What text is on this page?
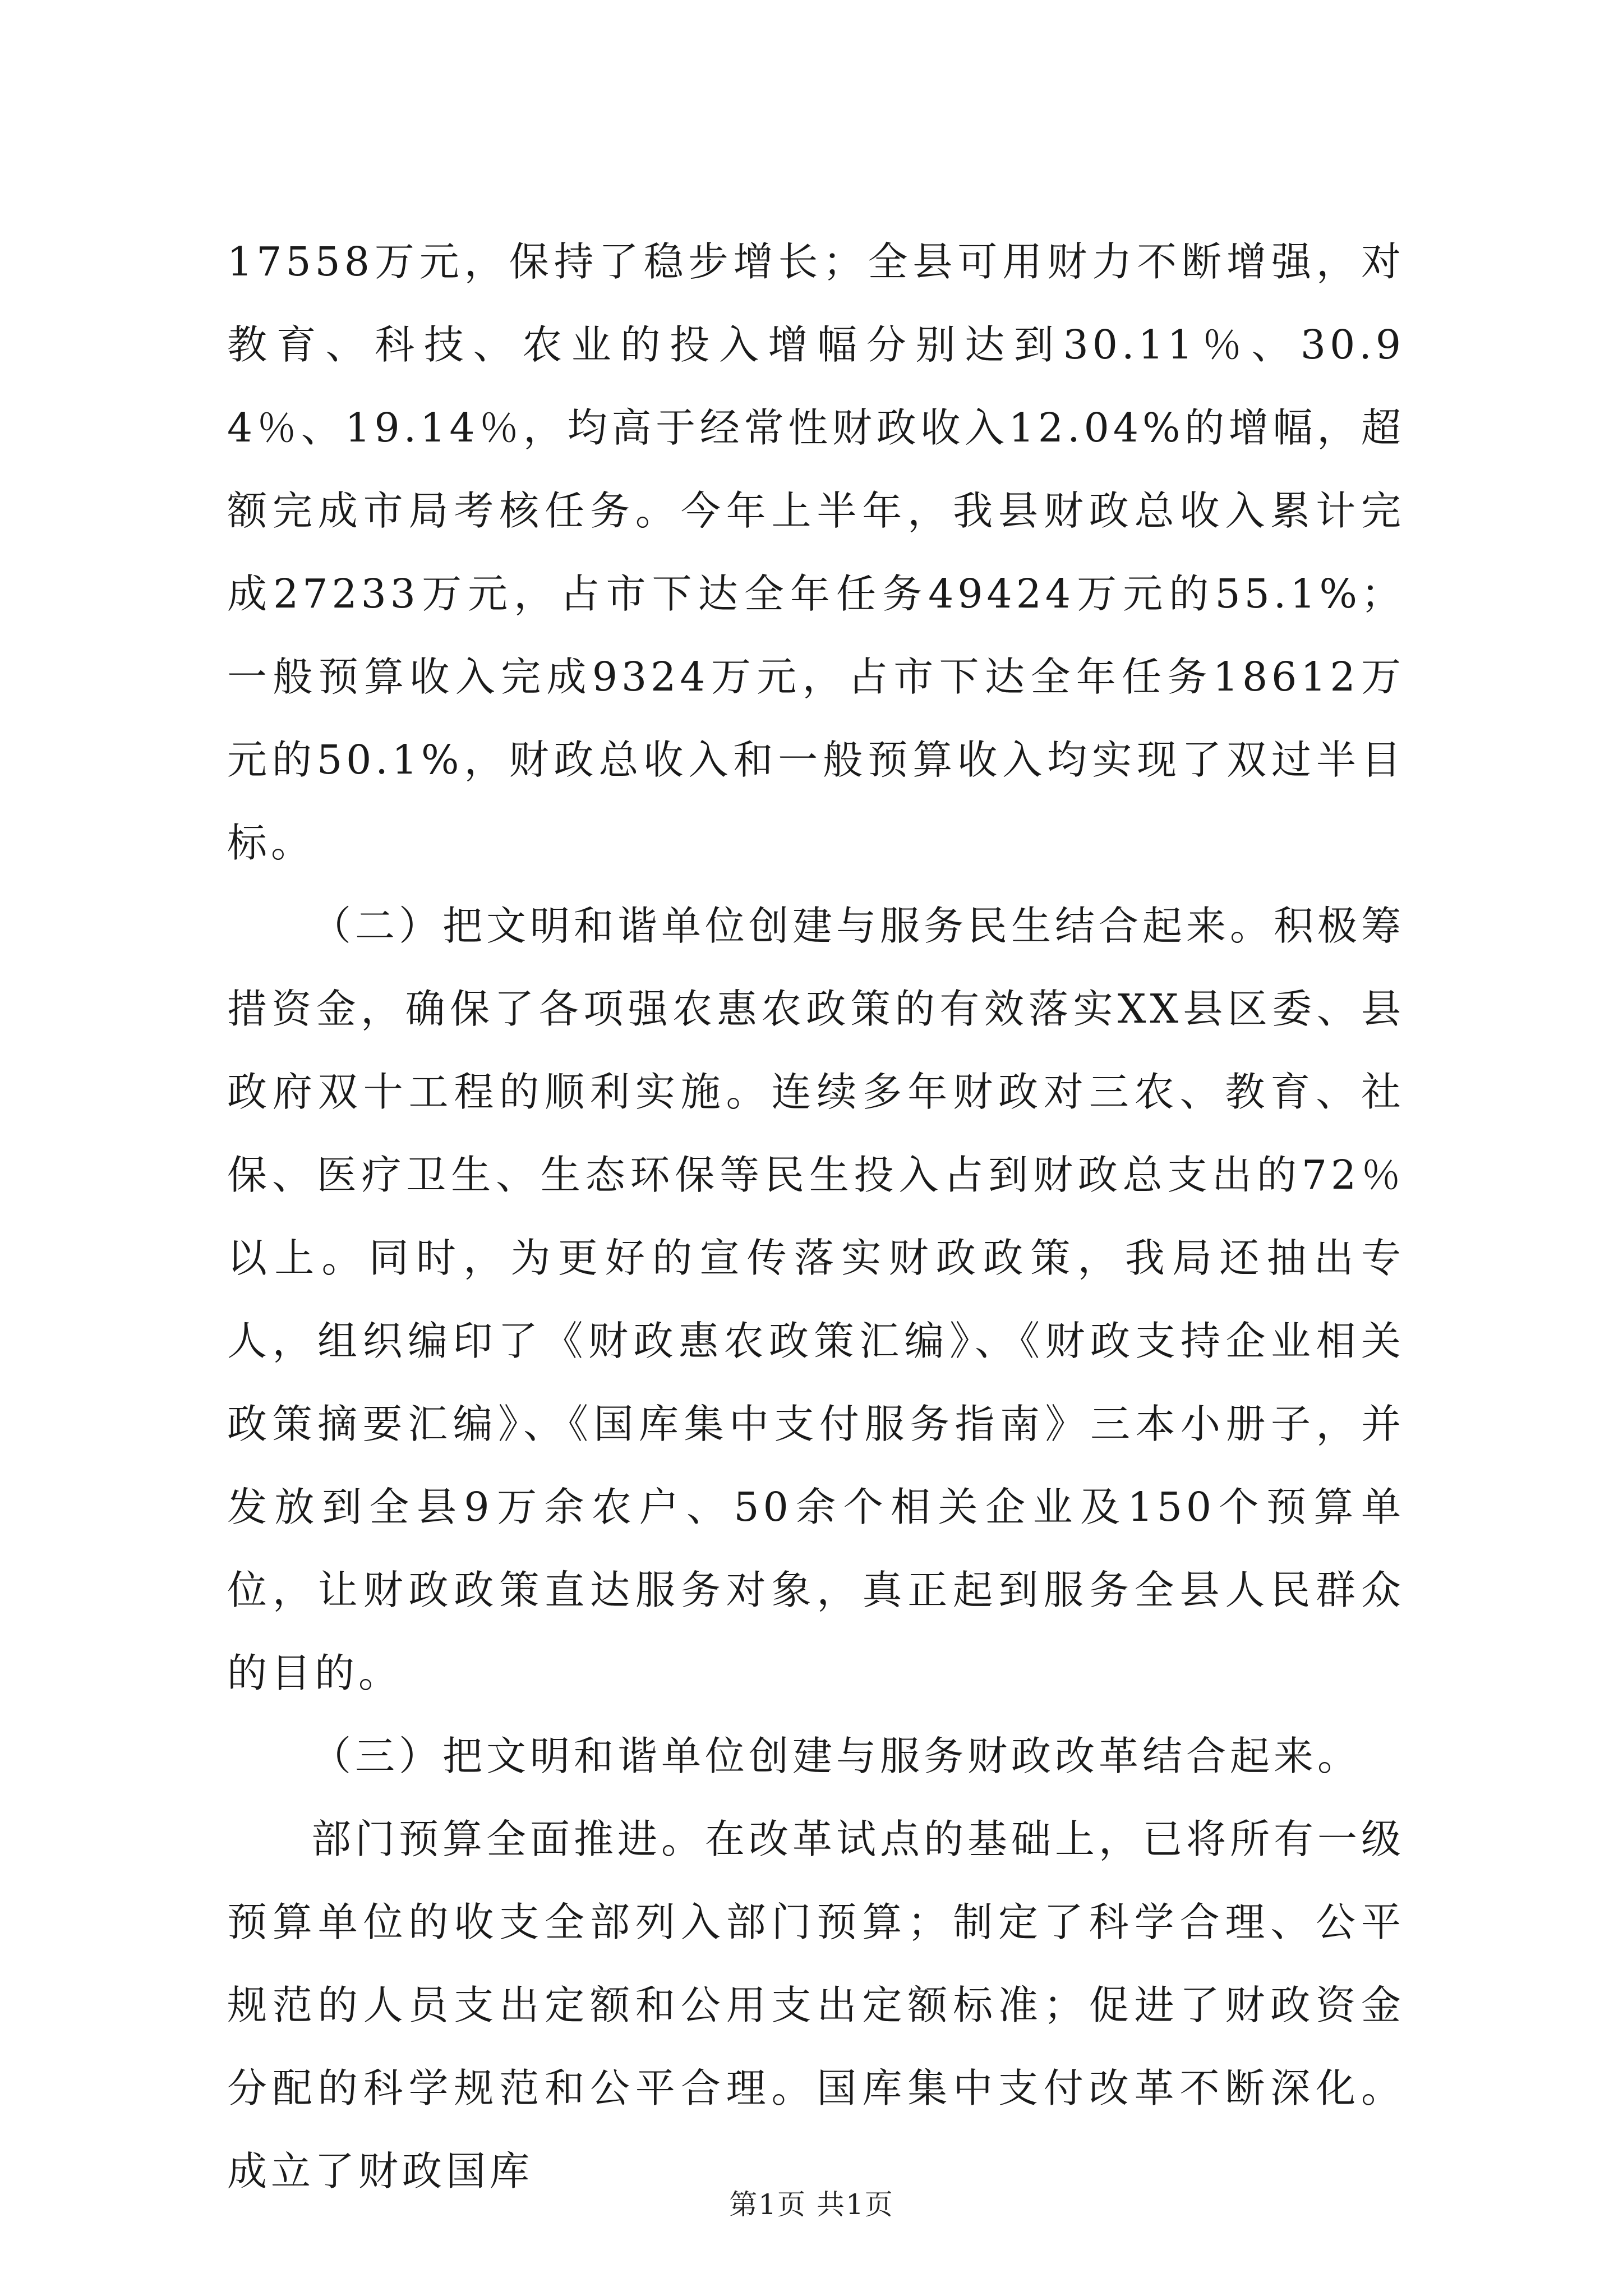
17558万元，保持了稳步增长；全县可用财力不断增强，对教育、科技、农业的投入增幅分别达到30.11％、30.94％、19.14％，均高于经常性财政收入12.04%的增幅，超额完成市局考核任务。今年上半年，我县财政总收入累计完成27233万元，占市下达全年任务49424万元的55.1%；一般预算收入完成9324万元，占市下达全年任务18612万元的50.1%，财政总收入和一般预算收入均实现了双过半目标。

（二）把文明和谐单位创建与服务民生结合起来。积极筹措资金，确保了各项强农惠农政策的有效落实XX县区委、县政府双十工程的顺利实施。连续多年财政对三农、教育、社保、医疗卫生、生态环保等民生投入占到财政总支出的72％以上。同时，为更好的宣传落实财政政策，我局还抽出专人，组织编印了《财政惠农政策汇编》、《财政支持企业相关政策摘要汇编》、《国库集中支付服务指南》三本小册子，并发放到全县9万余农户、50余个相关企业及150个预算单位，让财政政策直达服务对象，真正起到服务全县人民群众的目的。

（三）把文明和谐单位创建与服务财政改革结合起来。

部门预算全面推进。在改革试点的基础上，已将所有一级预算单位的收支全部列入部门预算；制定了科学合理、公平规范的人员支出定额和公用支出定额标准；促进了财政资金分配的科学规范和公平合理。国库集中支付改革不断深化。成立了财政国库

第1页 共1页
